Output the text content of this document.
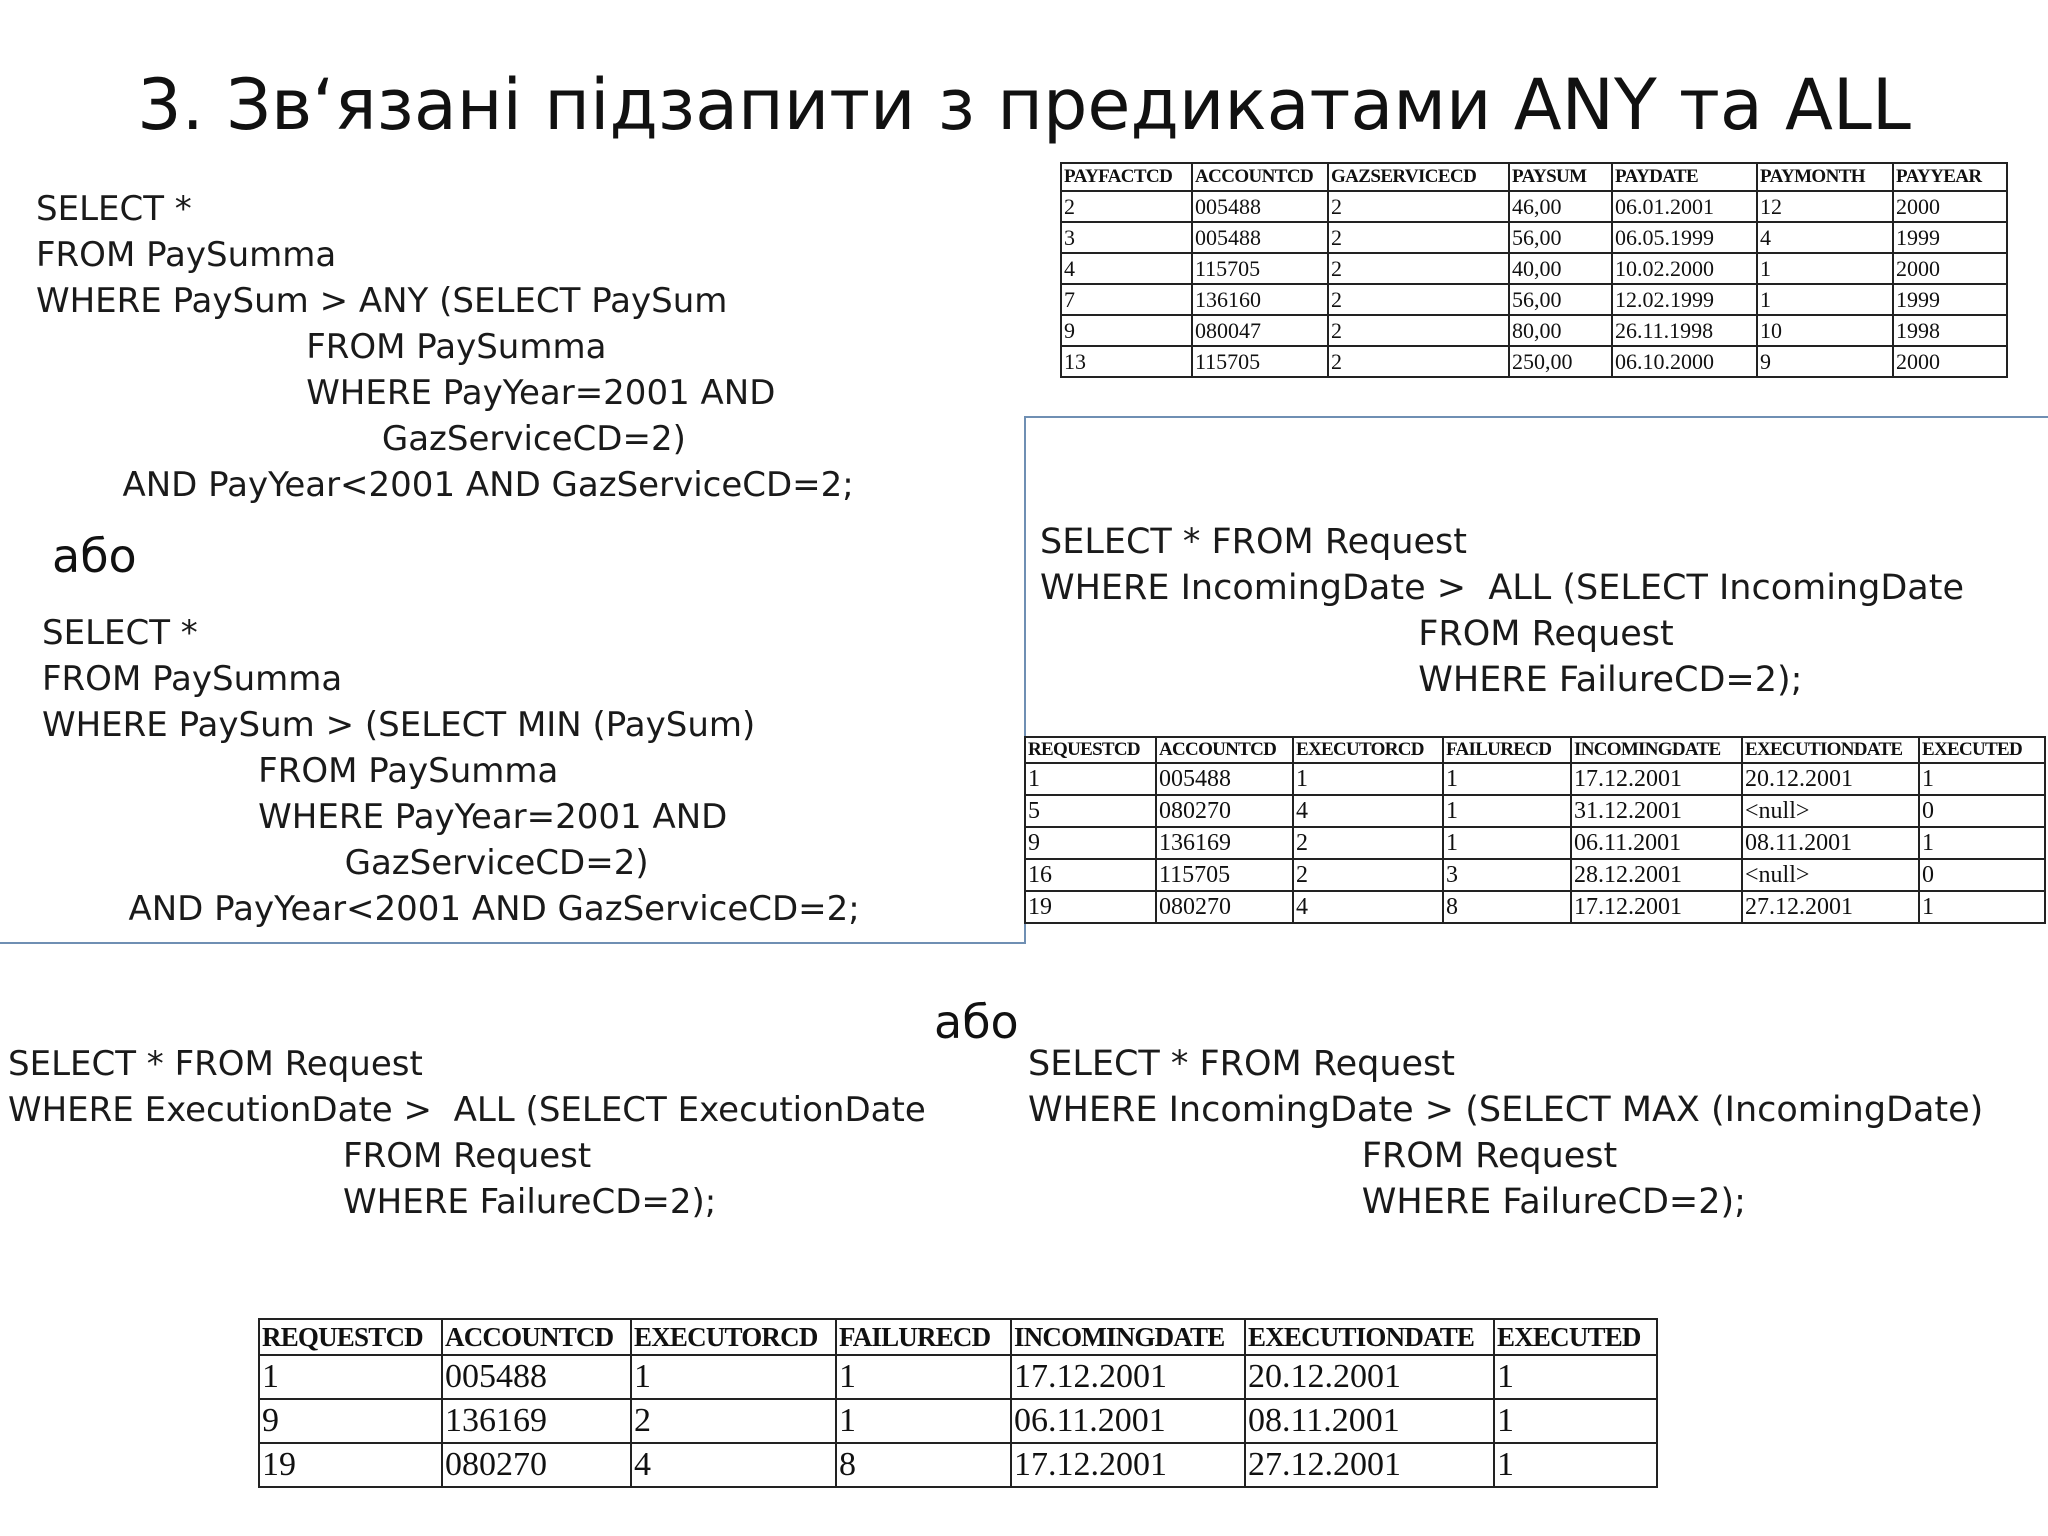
3. Зв‘язані підзапити з предикатами ANY та ALL
SELECT *
FROM PaySumma
WHERE PaySum > ANY (SELECT PaySum
FROM PaySumma
WHERE PayYear=2001 AND
GazServiceCD=2)
AND PayYear<2001 AND GazServiceCD=2;
або
SELECT *
FROM PaySumma
WHERE PaySum > (SELECT MIN (PaySum)
FROM PaySumma
WHERE PayYear=2001 AND
GazServiceCD=2)
AND PayYear<2001 AND GazServiceCD=2;
SELECT * FROM Request
WHERE IncomingDate >  ALL (SELECT IncomingDate
FROM Request
WHERE FailureCD=2);
або
SELECT * FROM Request
WHERE ExecutionDate >  ALL (SELECT ExecutionDate
FROM Request
WHERE FailureCD=2);
SELECT * FROM Request
WHERE IncomingDate > (SELECT MAX (IncomingDate)
FROM Request
WHERE FailureCD=2);
PAYFACTCD	ACCOUNTCD	GAZSERVICECD	PAYSUM	PAYDATE	PAYMONTH	PAYYEAR
2	005488	2	46,00	06.01.2001	12	2000
3	005488	2	56,00	06.05.1999	4	1999
4	115705	2	40,00	10.02.2000	1	2000
7	136160	2	56,00	12.02.1999	1	1999
9	080047	2	80,00	26.11.1998	10	1998
13	115705	2	250,00	06.10.2000	9	2000
REQUESTCD	ACCOUNTCD	EXECUTORCD	FAILURECD	INCOMINGDATE	EXECUTIONDATE	EXECUTED
1	005488	1	1	17.12.2001	20.12.2001	1
5	080270	4	1	31.12.2001	<null>	0
9	136169	2	1	06.11.2001	08.11.2001	1
16	115705	2	3	28.12.2001	<null>	0
19	080270	4	8	17.12.2001	27.12.2001	1
REQUESTCD	ACCOUNTCD	EXECUTORCD	FAILURECD	INCOMINGDATE	EXECUTIONDATE	EXECUTED
1	005488	1	1	17.12.2001	20.12.2001	1
9	136169	2	1	06.11.2001	08.11.2001	1
19	080270	4	8	17.12.2001	27.12.2001	1
